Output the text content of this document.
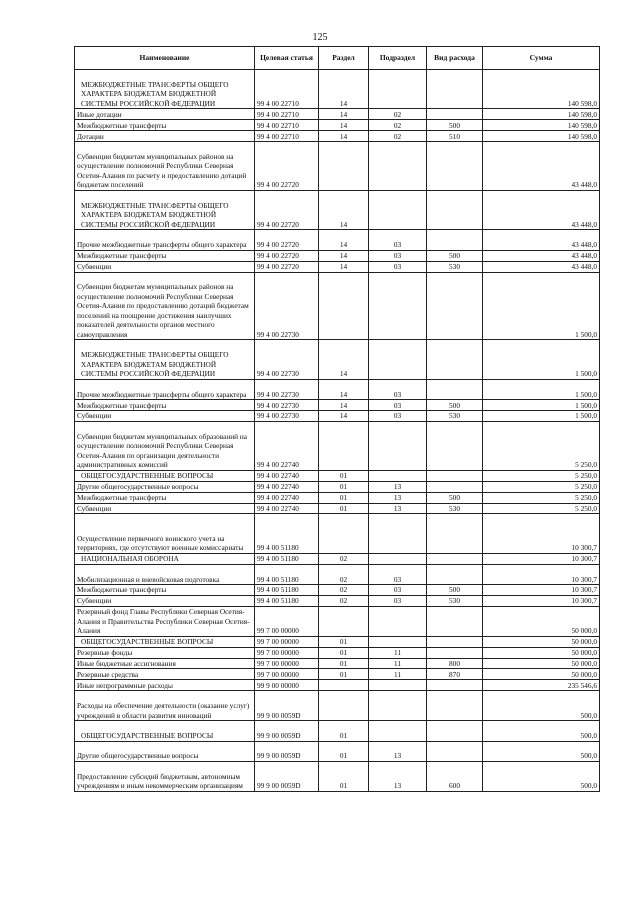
125
Наименование	Целевая статья	Раздел	Подраздел	Вид расхода	Сумма
МЕЖБЮДЖЕТНЫЕ ТРАНСФЕРТЫ ОБЩЕГО ХАРАКТЕРА БЮДЖЕТАМ БЮДЖЕТНОЙ СИСТЕМЫ РОССИЙСКОЙ ФЕДЕРАЦИИ	99 4 00 22710	14			140 598,0
Иные дотации	99 4 00 22710	14	02		140 598,0
Межбюджетные трансферты	99 4 00 22710	14	02	500	140 598,0
Дотации	99 4 00 22710	14	02	510	140 598,0
Субвенции бюджетам муниципальных районов на осуществление полномочий Республики Северная Осетия-Алания по расчету и предоставлению дотаций бюджетам поселений	99 4 00 22720				43 448,0
МЕЖБЮДЖЕТНЫЕ ТРАНСФЕРТЫ ОБЩЕГО ХАРАКТЕРА БЮДЖЕТАМ БЮДЖЕТНОЙ СИСТЕМЫ РОССИЙСКОЙ ФЕДЕРАЦИИ	99 4 00 22720	14			43 448,0
Прочие межбюджетные трансферты общего характера	99 4 00 22720	14	03		43 448,0
Межбюджетные трансферты	99 4 00 22720	14	03	500	43 448,0
Субвенции	99 4 00 22720	14	03	530	43 448,0
Субвенции бюджетам муниципальных районов на осуществление полномочий Республики Северная Осетия-Алания по предоставлению дотаций бюджетам поселений на поощрение достижения наилучших показателей деятельности органов местного самоуправления	99 4 00 22730				1 500,0
МЕЖБЮДЖЕТНЫЕ ТРАНСФЕРТЫ ОБЩЕГО ХАРАКТЕРА БЮДЖЕТАМ БЮДЖЕТНОЙ СИСТЕМЫ РОССИЙСКОЙ ФЕДЕРАЦИИ	99 4 00 22730	14			1 500,0
Прочие межбюджетные трансферты общего характера	99 4 00 22730	14	03		1 500,0
Межбюджетные трансферты	99 4 00 22730	14	03	500	1 500,0
Субвенции	99 4 00 22730	14	03	530	1 500,0
Субвенции бюджетам муниципальных образований на осуществление полномочий Республики Северная Осетия-Алания по организации деятельности административных комиссий	99 4 00 22740				5 250,0
ОБЩЕГОСУДАРСТВЕННЫЕ ВОПРОСЫ	99 4 00 22740	01			5 250,0
Другие общегосударственные вопросы	99 4 00 22740	01	13		5 250,0
Межбюджетные трансферты	99 4 00 22740	01	13	500	5 250,0
Субвенции	99 4 00 22740	01	13	530	5 250,0
Осуществление первичного воинского учета на территориях, где отсутствуют военные комиссариаты	99 4 00 51180				10 300,7
НАЦИОНАЛЬНАЯ ОБОРОНА	99 4 00 51180	02			10 300,7
Мобилизационная и вневойсковая подготовка	99 4 00 51180	02	03		10 300,7
Межбюджетные трансферты	99 4 00 51180	02	03	500	10 300,7
Субвенции	99 4 00 51180	02	03	530	10 300,7
Резервный фонд Главы Республики Северная Осетия-Алания и Правительства Республики Северная Осетия-Алания	99 7 00 00000				50 000,0
ОБЩЕГОСУДАРСТВЕННЫЕ ВОПРОСЫ	99 7 00 00000	01			50 000,0
Резервные фонды	99 7 00 00000	01	11		50 000,0
Иные бюджетные ассигнования	99 7 00 00000	01	11	800	50 000,0
Резервные средства	99 7 00 00000	01	11	870	50 000,0
Иные непрограммные расходы	99 9 00 00000				235 546,6
Расходы на обеспечение деятельности (оказание услуг) учреждений в области развития инноваций	99 9 00 0059D				500,0
ОБЩЕГОСУДАРСТВЕННЫЕ ВОПРОСЫ	99 9 00 0059D	01			500,0
Другие общегосударственные вопросы	99 9 00 0059D	01	13		500,0
Предоставление субсидий бюджетным, автономным учреждениям и иным некоммерческим организациям	99 9 00 0059D	01	13	600	500,0
